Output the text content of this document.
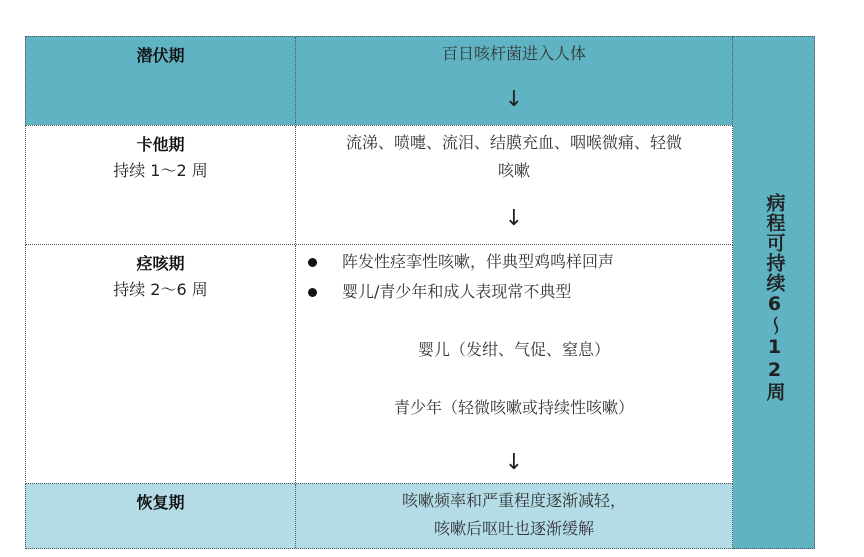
潜伏期	百日咳杆菌进入人体
↓
卡他期
持续 1～2 周
流涕、喷嚏、流泪、结膜充血、咽喉微痛、轻微
咳嗽
↓
痉咳期
持续 2～6 周
阵发性痉挛性咳嗽，伴典型鸡鸣样回声
婴儿/青少年和成人表现常不典型
婴儿（发绀、气促、窒息）
青少年（轻微咳嗽或持续性咳嗽）
↓
恢复期	咳嗽频率和严重程度逐渐减轻，
咳嗽后呕吐也逐渐缓解
病程可持续6～12周
